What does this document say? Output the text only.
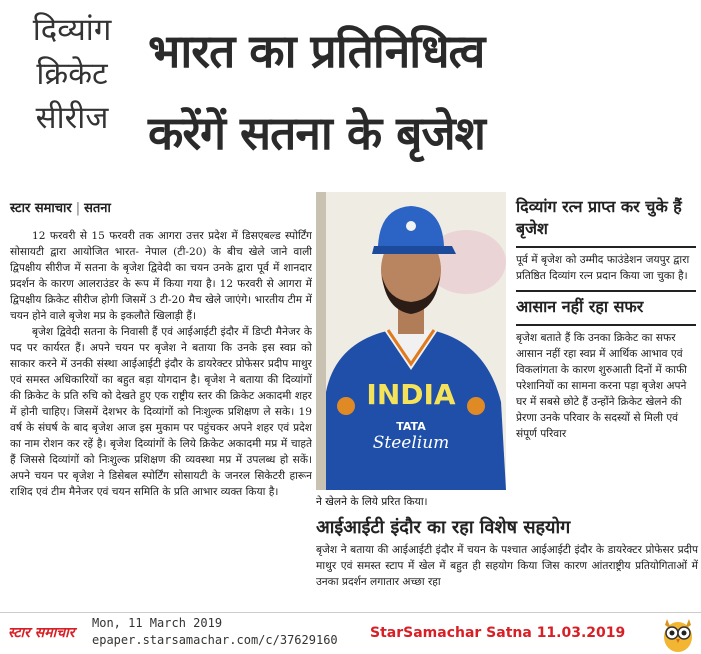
दिव्यांग
क्रिकेट
सीरीज
भारत का प्रतिनिधित्व
करेंगें सतना के बृजेश
स्टार समाचार | सतना

12 फरवरी से 15 फरवरी तक आगरा उत्तर प्रदेश में डिसएबल्ड स्पोर्टिंग सोसायटी द्वारा आयोजित भारत- नेपाल (टी-20) के बीच खेले जाने वाली द्विपक्षीय सीरीज में सतना के बृजेश द्विवेदी का चयन उनके द्वारा पूर्व में शानदार प्रदर्शन के कारण आलराउंडर के रूप में किया गया है। 12 फरवरी से आगरा में द्विपक्षीय क्रिकेट सीरीज होगी जिसमें 3 टी-20 मैच खेले जाएंगे। भारतीय टीम में चयन होने वाले बृजेश मप्र के इकलौते खिलाड़ी हैं।

बृजेश द्विवेदी सतना के निवासी हैं एवं आईआईटी इंदौर में डिप्टी मैनेजर के पद पर कार्यरत हैं। अपने चयन पर बृजेश ने बताया कि उनके इस स्वप्न को साकार करने में उनकी संस्था आईआईटी इंदौर के डायरेक्टर प्रोफेसर प्रदीप माथुर एवं समस्त अधिकारियों का बहुत बड़ा योगदान है। बृजेश ने बताया की दिव्यांगों की क्रिकेट के प्रति रुचि को देखते हुए एक राष्ट्रीय स्तर की क्रिकेट अकादमी शहर में होनी चाहिए। जिसमें देशभर के दिव्यांगों को निःशुल्क प्रशिक्षण ले सके। 19 वर्ष के संघर्ष के बाद बृजेश आज इस मुकाम पर पहुंचकर अपने शहर एवं प्रदेश का नाम रोशन कर रहें है। बृजेश दिव्यांगों के लिये क्रिकेट अकादमी मप्र में चाहते हैं जिससे दिव्यांगों को निःशुल्क प्रशिक्षण की व्यवस्था मप्र में उपलब्ध हो सकें। अपने चयन पर बृजेश ने डिसेबल स्पोर्टिंग सोसायटी के जनरल सिकेटरी हारून राशिद एवं टीम मैनेजर एवं चयन समिति के प्रति आभार व्यक्त किया है।

INDIA
TATA
Steelium
दिव्यांग रत्न प्राप्त कर चुके हैं बृजेश

पूर्व में बृजेश को उम्मीद फाउंडेशन जयपुर द्वारा प्रतिष्ठित दिव्यांग रत्न प्रदान किया जा चुका है।

आसान नहीं रहा सफर

बृजेश बताते हैं कि उनका क्रिकेट का सफर आसान नहीं रहा स्वप्न में आर्थिक आभाव एवं विकलांगता के कारण शुरुआती दिनों में काफी परेशानियों का सामना करना पड़ा बृजेश अपने घर में सबसे छोटे हैं उन्होंने क्रिकेट खेलने की प्रेरणा उनके परिवार के सदस्यों से मिली एवं संपूर्ण परिवार

ने खेलने के लिये प्ररित किया।
आईआईटी इंदौर का रहा विशेष सहयोग
बृजेश ने बताया की आईआईटी इंदौर में चयन के पश्चात आईआईटी इंदौर के डायरेक्टर प्रोफेसर प्रदीप माथुर एवं समस्त स्टाप में खेल में बहुत ही सहयोग किया जिस कारण आंतराष्ट्रीय प्रतियोगिताओं में उनका प्रदर्शन लगातार अच्छा रहा
स्टार समाचार
Mon, 11 March 2019
epaper.starsamachar.com/c/37629160 StarSamachar Satna 11.03.2019
